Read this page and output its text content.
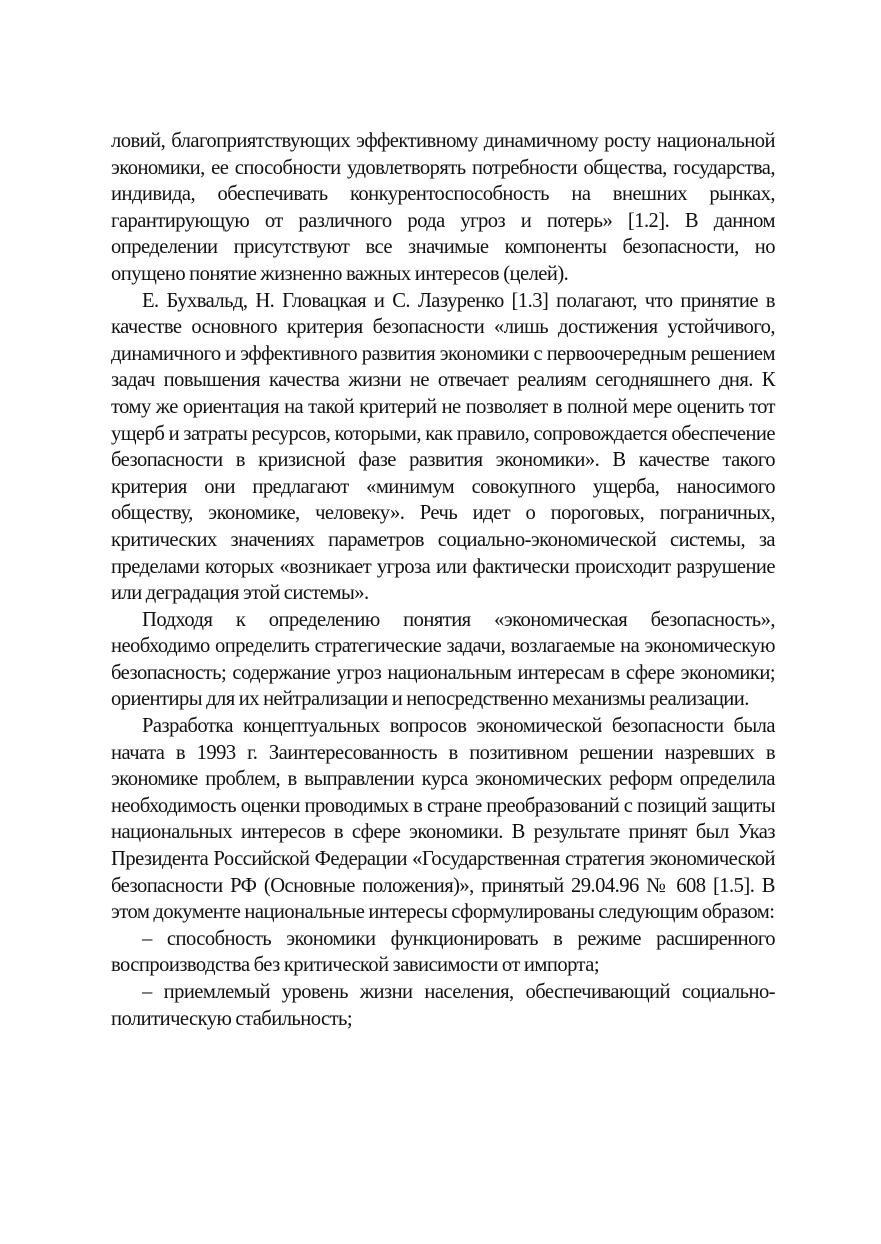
ловий, благоприятствующих эффективному динамичному росту национальной экономики, ее способности удовлетворять потребности общества, государства, индивида, обеспечивать конкурентоспособность на внешних рынках, гарантирующую от различного рода угроз и потерь» [1.2]. В данном определении присутствуют все значимые компоненты безопасности, но опущено понятие жизненно важных интересов (целей).

Е. Бухвальд, Н. Гловацкая и С. Лазуренко [1.3] полагают, что принятие в качестве основного критерия безопасности «лишь достижения устойчивого, динамичного и эффективного развития экономики с первоочередным решением задач повышения качества жизни не отвечает реалиям сегодняшнего дня. К тому же ориентация на такой критерий не позволяет в полной мере оценить тот ущерб и затраты ресурсов, которыми, как правило, сопровождается обеспечение безопасности в кризисной фазе развития экономики». В качестве такого критерия они предлагают «минимум совокупного ущерба, наносимого обществу, экономике, человеку». Речь идет о пороговых, пограничных, критических значениях параметров социально-экономической системы, за пределами которых «возникает угроза или фактически происходит разрушение или деградация этой системы».

Подходя к определению понятия «экономическая безопасность», необходимо определить стратегические задачи, возлагаемые на экономическую безопасность; содержание угроз национальным интересам в сфере экономики; ориентиры для их нейтрализации и непосредственно механизмы реализации.

Разработка концептуальных вопросов экономической безопасности была начата в 1993 г. Заинтересованность в позитивном решении назревших в экономике проблем, в выправлении курса экономических реформ определила необходимость оценки проводимых в стране преобразований с позиций защиты национальных интересов в сфере экономики. В результате принят был Указ Президента Российской Федерации «Государственная стратегия экономической безопасности РФ (Основные положения)», принятый 29.04.96 № 608 [1.5]. В этом документе национальные интересы сформулированы следующим образом:

– способность экономики функционировать в режиме расширенного воспроизводства без критической зависимости от импорта;

– приемлемый уровень жизни населения, обеспечивающий социально-политическую стабильность;
